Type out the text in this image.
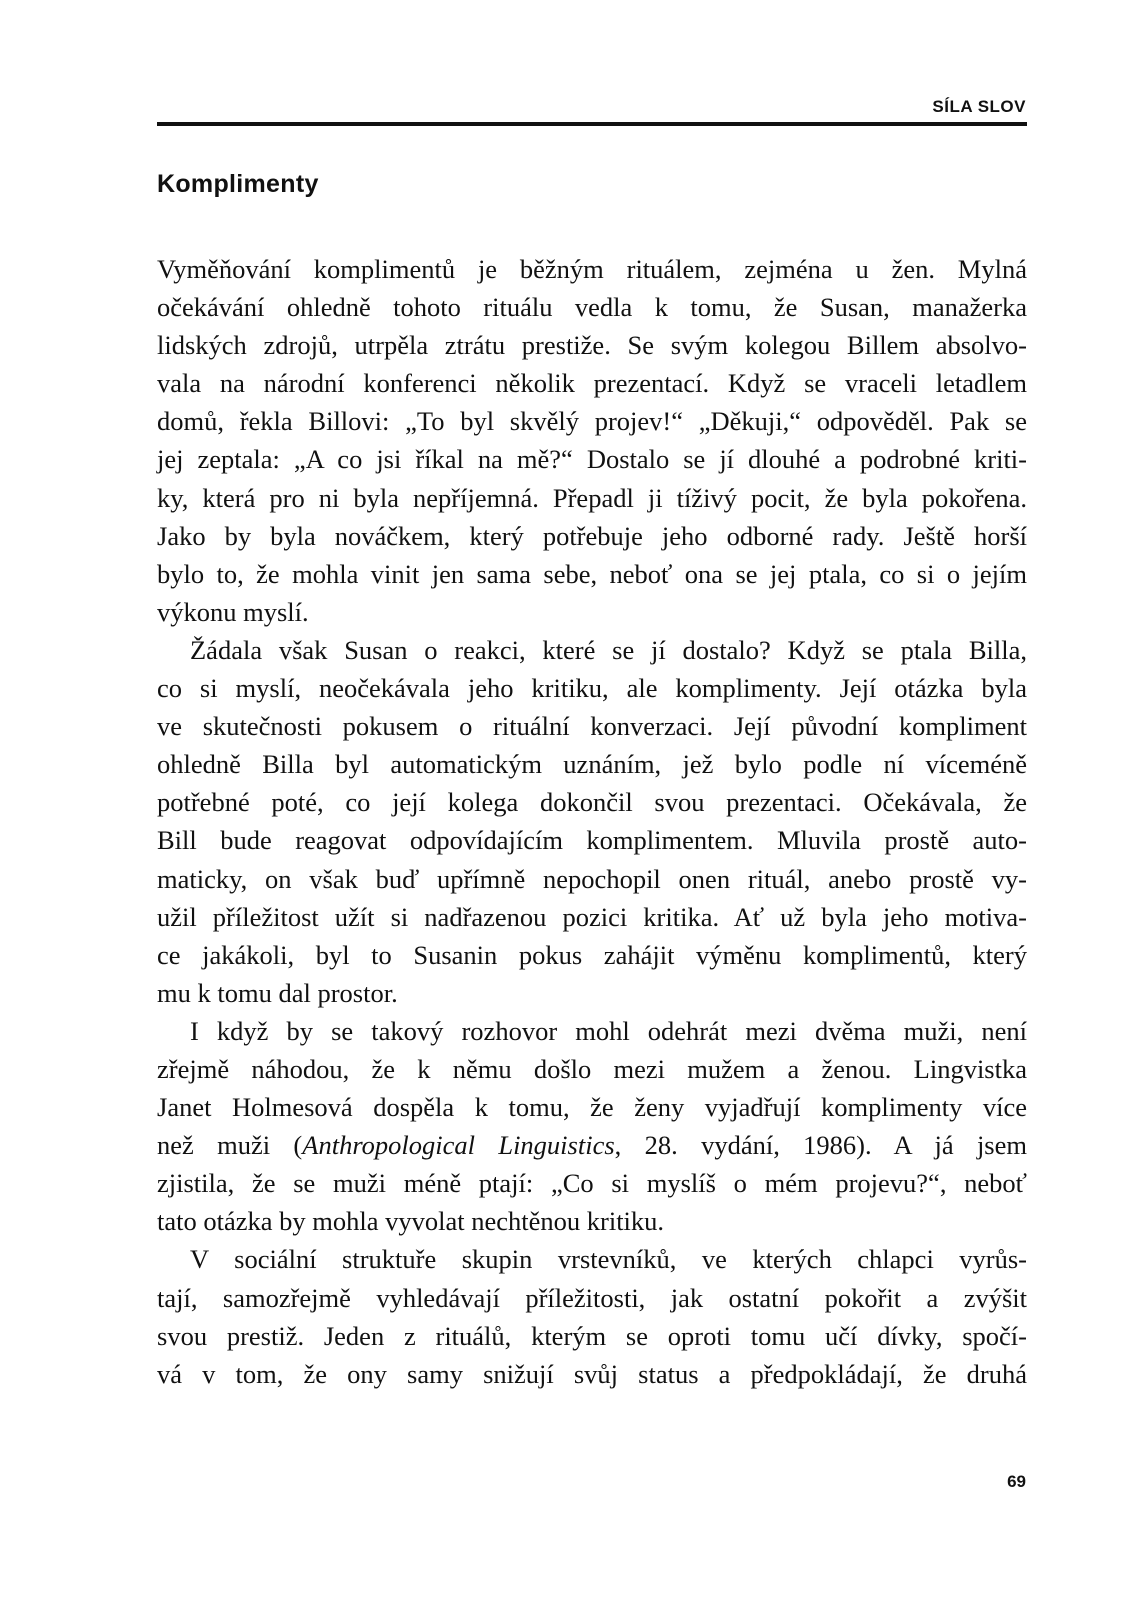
SÍLA SLOV
Komplimenty
Vyměňování komplimentů je běžným rituálem, zejména u žen. Mylná
očekávání ohledně tohoto rituálu vedla k tomu, že Susan, manažerka
lidských zdrojů, utrpěla ztrátu prestiže. Se svým kolegou Billem absolvo-
vala na národní konferenci několik prezentací. Když se vraceli letadlem
domů, řekla Billovi: „To byl skvělý projev!“ „Děkuji,“ odpověděl. Pak se
jej zeptala: „A co jsi říkal na mě?“ Dostalo se jí dlouhé a podrobné kriti-
ky, která pro ni byla nepříjemná. Přepadl ji tíživý pocit, že byla pokořena.
Jako by byla nováčkem, který potřebuje jeho odborné rady. Ještě horší
bylo to, že mohla vinit jen sama sebe, neboť ona se jej ptala, co si o jejím
výkonu myslí.
Žádala však Susan o reakci, které se jí dostalo? Když se ptala Billa,
co si myslí, neočekávala jeho kritiku, ale komplimenty. Její otázka byla
ve skutečnosti pokusem o rituální konverzaci. Její původní kompliment
ohledně Billa byl automatickým uznáním, jež bylo podle ní víceméně
potřebné poté, co její kolega dokončil svou prezentaci. Očekávala, že
Bill bude reagovat odpovídajícím komplimentem. Mluvila prostě auto-
maticky, on však buď upřímně nepochopil onen rituál, anebo prostě vy-
užil příležitost užít si nadřazenou pozici kritika. Ať už byla jeho motiva-
ce jakákoli, byl to Susanin pokus zahájit výměnu komplimentů, který
mu k tomu dal prostor.
I když by se takový rozhovor mohl odehrát mezi dvěma muži, není
zřejmě náhodou, že k němu došlo mezi mužem a ženou. Lingvistka
Janet Holmesová dospěla k tomu, že ženy vyjadřují komplimenty více
než muži (Anthropological Linguistics, 28. vydání, 1986). A já jsem
zjistila, že se muži méně ptají: „Co si myslíš o mém projevu?“, neboť
tato otázka by mohla vyvolat nechtěnou kritiku.
V sociální struktuře skupin vrstevníků, ve kterých chlapci vyrůs-
tají, samozřejmě vyhledávají příležitosti, jak ostatní pokořit a zvýšit
svou prestiž. Jeden z rituálů, kterým se oproti tomu učí dívky, spočí-
vá v tom, že ony samy snižují svůj status a předpokládají, že druhá
69
